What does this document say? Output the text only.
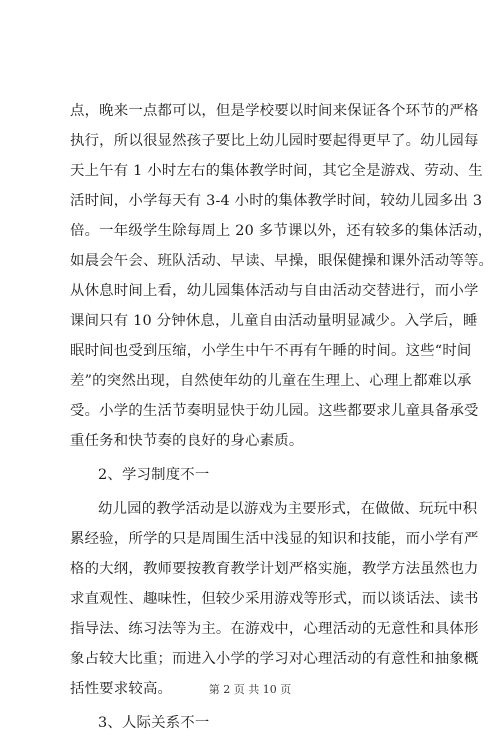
点，晚来一点都可以，但是学校要以时间来保证各个环节的严格
执行，所以很显然孩子要比上幼儿园时要起得更早了。幼儿园每
天上午有 1 小时左右的集体教学时间，其它全是游戏、劳动、生
活时间，小学每天有 3-4 小时的集体教学时间，较幼儿园多出 3
倍。一年级学生除每周上 20 多节课以外，还有较多的集体活动，
如晨会午会、班队活动、早读、早操，眼保健操和课外活动等等。
从休息时间上看，幼儿园集体活动与自由活动交替进行，而小学
课间只有 10 分钟休息，儿童自由活动量明显减少。入学后，睡
眠时间也受到压缩，小学生中午不再有午睡的时间。这些“时间
差”的突然出现，自然使年幼的儿童在生理上、心理上都难以承
受。小学的生活节奏明显快于幼儿园。这些都要求儿童具备承受
重任务和快节奏的良好的身心素质。
2、学习制度不一
幼儿园的教学活动是以游戏为主要形式，在做做、玩玩中积
累经验，所学的只是周围生活中浅显的知识和技能，而小学有严
格的大纲，教师要按教育教学计划严格实施，教学方法虽然也力
求直观性、趣味性，但较少采用游戏等形式，而以谈话法、读书
指导法、练习法等为主。在游戏中，心理活动的无意性和具体形
象占较大比重；而进入小学的学习对心理活动的有意性和抽象概
括性要求较高。
3、人际关系不一
第 2 页 共 10 页
